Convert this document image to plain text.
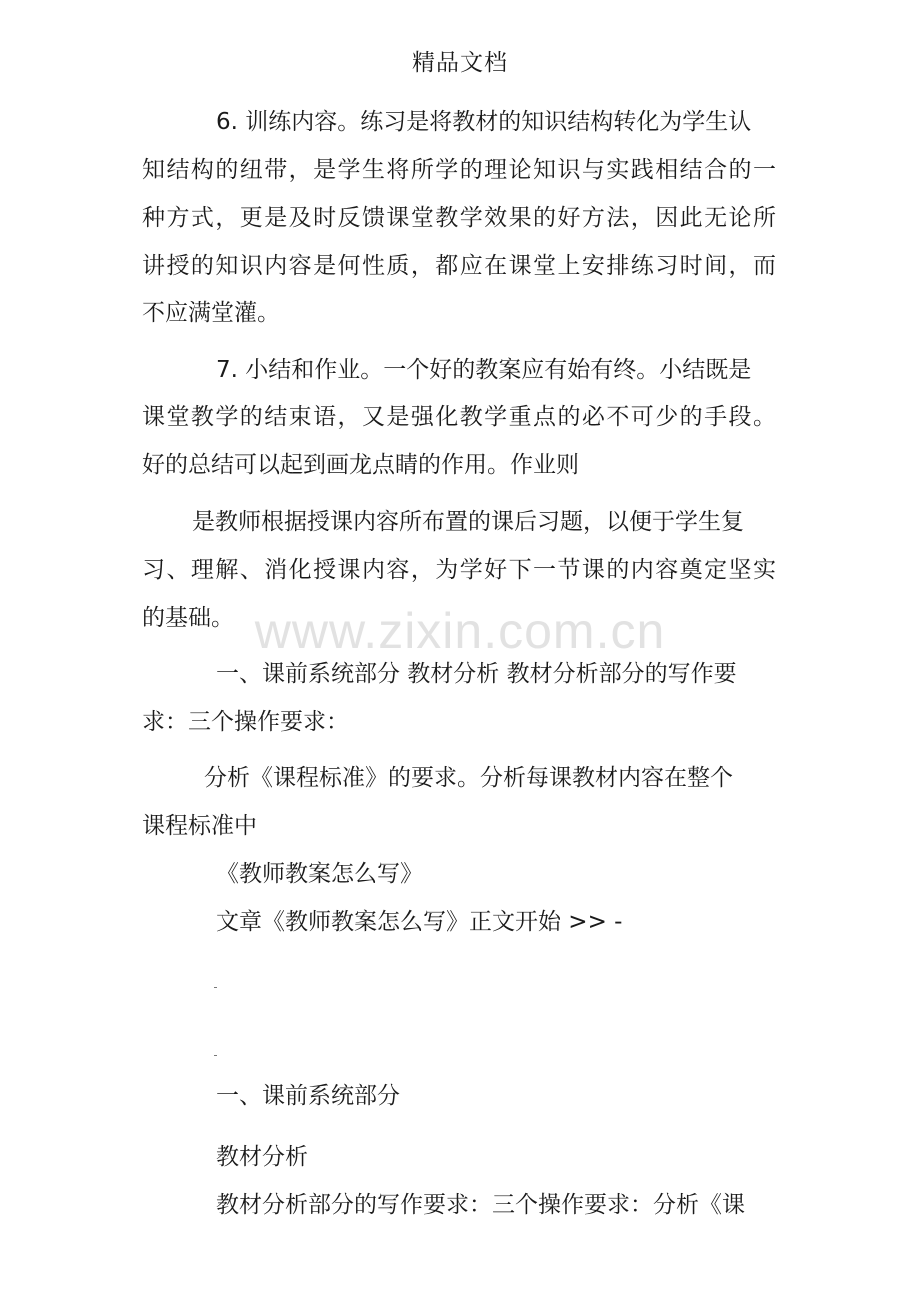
精品文档
www.zixin.com.cn
6. 训练内容。练习是将教材的知识结构转化为学生认
知结构的纽带，是学生将所学的理论知识与实践相结合的一
种方式，更是及时反馈课堂教学效果的好方法，因此无论所
讲授的知识内容是何性质，都应在课堂上安排练习时间，而
不应满堂灌。
7. 小结和作业。一个好的教案应有始有终。小结既是
课堂教学的结束语，又是强化教学重点的必不可少的手段。
好的总结可以起到画龙点睛的作用。作业则
是教师根据授课内容所布置的课后习题，以便于学生复
习、理解、消化授课内容，为学好下一节课的内容奠定坚实
的基础。
一、课前系统部分 教材分析 教材分析部分的写作要
求：三个操作要求：
分析《课程标准》的要求。分析每课教材内容在整个
课程标准中
《教师教案怎么写》
文章《教师教案怎么写》正文开始 >> -
一、课前系统部分
教材分析
教材分析部分的写作要求：三个操作要求：分析《课
